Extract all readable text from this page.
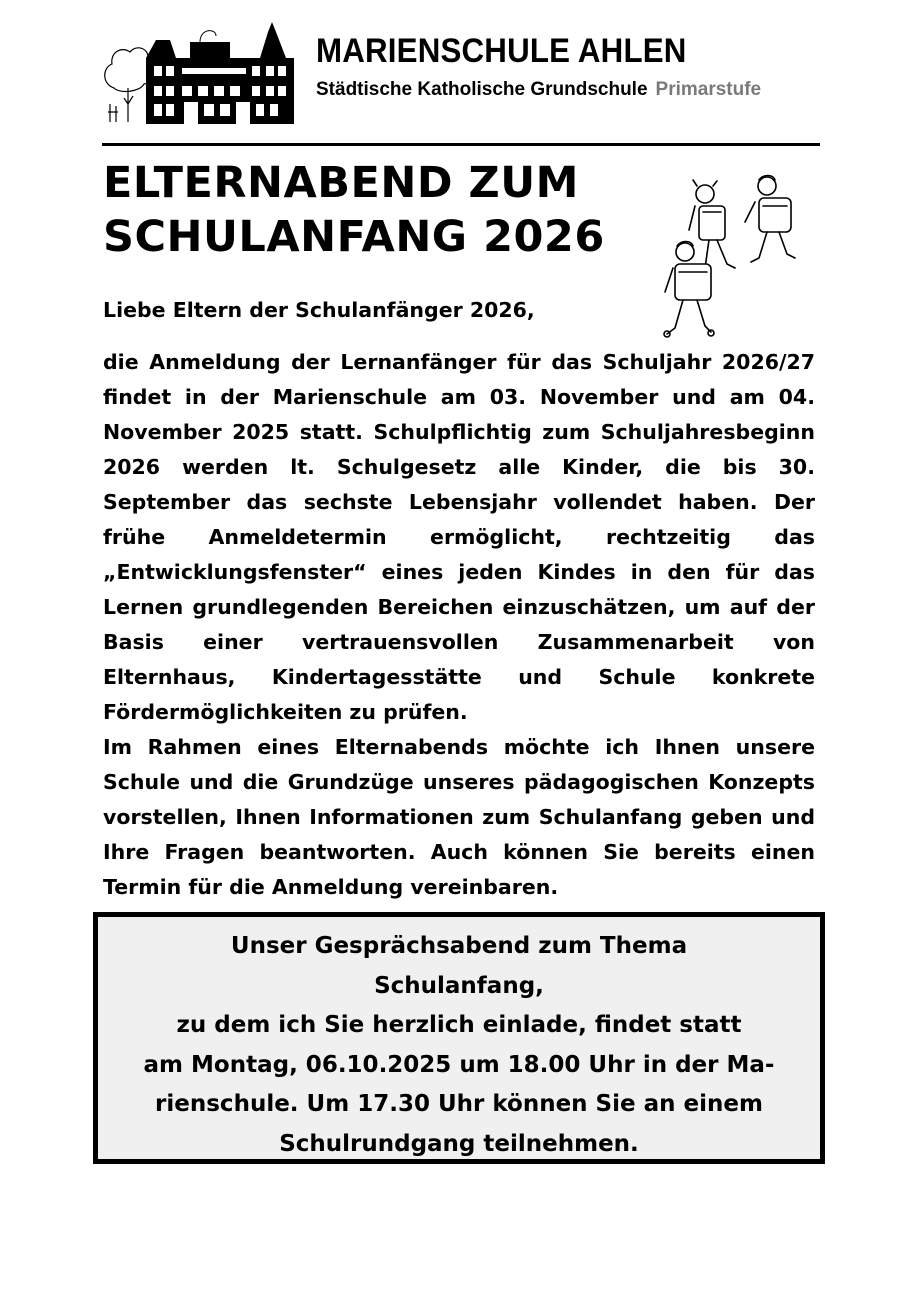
MARIENSCHULE AHLEN
Städtische Katholische Grundschule Primarstufe
ELTERNABEND ZUM
SCHULANFANG 2026
Liebe Eltern der Schulanfänger 2026,

die Anmeldung der Lernanfänger für das Schuljahr 2026/27 findet in der Marienschule am 03. November und am 04. November 2025 statt. Schulpflichtig zum Schuljahresbeginn 2026 werden lt. Schulgesetz alle Kinder, die bis 30. September das sechste Lebensjahr vollendet haben. Der frühe Anmeldetermin ermöglicht, rechtzeitig das „Entwicklungsfenster“ eines jeden Kindes in den für das Lernen grundlegenden Bereichen einzuschätzen, um auf der Basis einer vertrauensvollen Zusammenarbeit von Elternhaus, Kindertagesstätte und Schule konkrete Fördermöglichkeiten zu prüfen.

Im Rahmen eines Elternabends möchte ich Ihnen unsere Schule und die Grundzüge unseres pädagogischen Konzepts vorstellen, Ihnen Informationen zum Schulanfang geben und Ihre Fragen beantworten. Auch können Sie bereits einen Termin für die Anmeldung vereinbaren.

Unser Gesprächsabend zum Thema
Schulanfang,
zu dem ich Sie herzlich einlade, findet statt
am Montag, 06.10.2025 um 18.00 Uhr in der Ma-
rienschule. Um 17.30 Uhr können Sie an einem
Schulrundgang teilnehmen.
